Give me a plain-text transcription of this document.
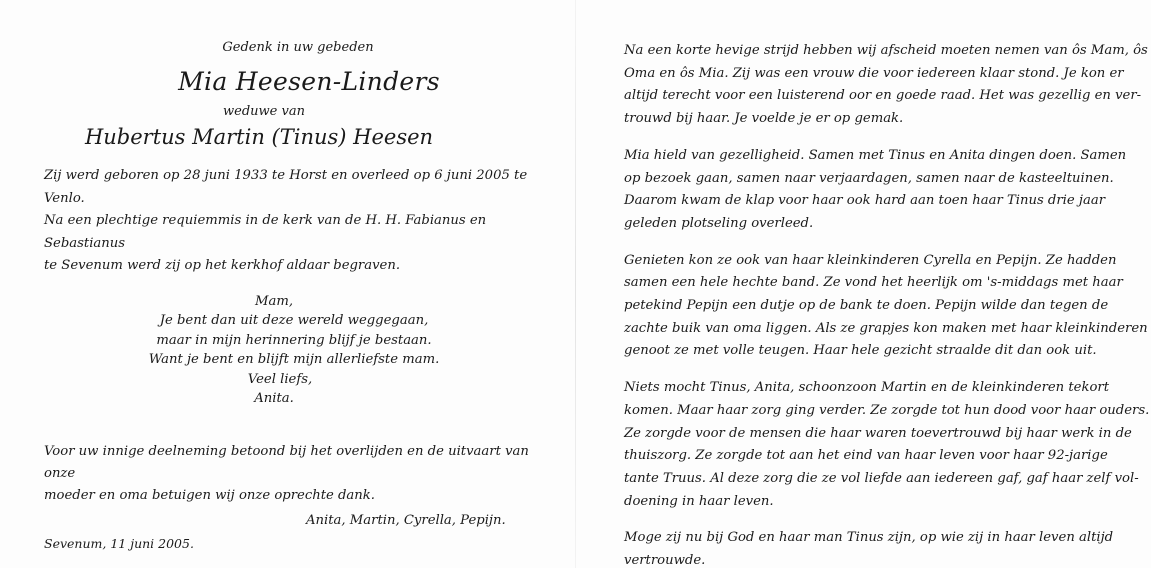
Gedenk in uw gebeden
Mia Heesen-Linders
weduwe van
Hubertus Martin (Tinus) Heesen
Zij werd geboren op 28 juni 1933 te Horst en overleed op 6 juni 2005 te Venlo.
Na een plechtige requiemmis in de kerk van de H. H. Fabianus en Sebastianus
te Sevenum werd zij op het kerkhof aldaar begraven.
Mam,
Je bent dan uit deze wereld weggegaan,
maar in mijn herinnering blijf je bestaan.
Want je bent en blijft mijn allerliefste mam.
Veel liefs,
Anita.
Voor uw innige deelneming betoond bij het overlijden en de uitvaart van onze
moeder en oma betuigen wij onze oprechte dank.
Anita, Martin, Cyrella, Pepijn.
Sevenum, 11 juni 2005.
Na een korte hevige strijd hebben wij afscheid moeten nemen van ôs Mam, ôs
Oma en ôs Mia. Zij was een vrouw die voor iedereen klaar stond. Je kon er
altijd terecht voor een luisterend oor en goede raad. Het was gezellig en ver-
trouwd bij haar. Je voelde je er op gemak.
Mia hield van gezelligheid. Samen met Tinus en Anita dingen doen. Samen
op bezoek gaan, samen naar verjaardagen, samen naar de kasteeltuinen.
Daarom kwam de klap voor haar ook hard aan toen haar Tinus drie jaar
geleden plotseling overleed.
Genieten kon ze ook van haar kleinkinderen Cyrella en Pepijn. Ze hadden
samen een hele hechte band. Ze vond het heerlijk om 's-middags met haar
petekind Pepijn een dutje op de bank te doen. Pepijn wilde dan tegen de
zachte buik van oma liggen. Als ze grapjes kon maken met haar kleinkinderen
genoot ze met volle teugen. Haar hele gezicht straalde dit dan ook uit.
Niets mocht Tinus, Anita, schoonzoon Martin en de kleinkinderen tekort
komen. Maar haar zorg ging verder. Ze zorgde tot hun dood voor haar ouders.
Ze zorgde voor de mensen die haar waren toevertrouwd bij haar werk in de
thuiszorg. Ze zorgde tot aan het eind van haar leven voor haar 92-jarige
tante Truus. Al deze zorg die ze vol liefde aan iedereen gaf, gaf haar zelf vol-
doening in haar leven.
Moge zij nu bij God en haar man Tinus zijn, op wie zij in haar leven altijd
vertrouwde.
